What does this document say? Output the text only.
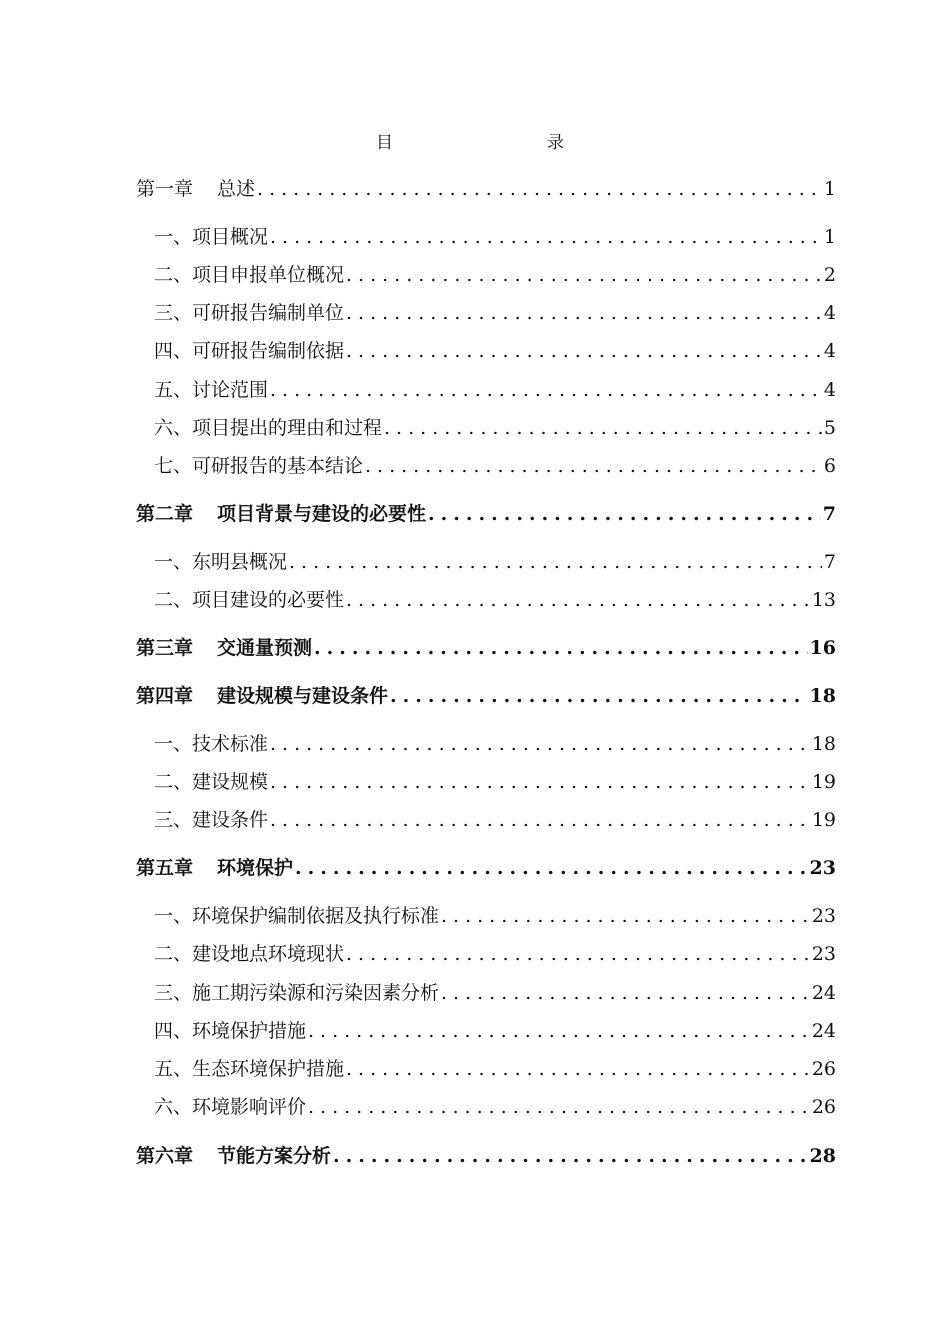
目　　录
第一章 总述 .....	1
一、项目概况 .....	1
二、项目申报单位概况 .....	2
三、可研报告编制单位 .....	4
四、可研报告编制依据 .....	4
五、讨论范围 .....	4
六、项目提出的理由和过程 .....	5
七、可研报告的基本结论 .....	6
第二章 项目背景与建设的必要性 .....	7
一、东明县概况 .....	7
二、项目建设的必要性 .....	13
第三章 交通量预测 .....	16
第四章 建设规模与建设条件 .....	18
一、技术标准 .....	18
二、建设规模 .....	19
三、建设条件 .....	19
第五章 环境保护 .....	23
一、环境保护编制依据及执行标准 .....	23
二、建设地点环境现状 .....	23
三、施工期污染源和污染因素分析 .....	24
四、环境保护措施 .....	24
五、生态环境保护措施 .....	26
六、环境影响评价 .....	26
第六章 节能方案分析 .....	28
